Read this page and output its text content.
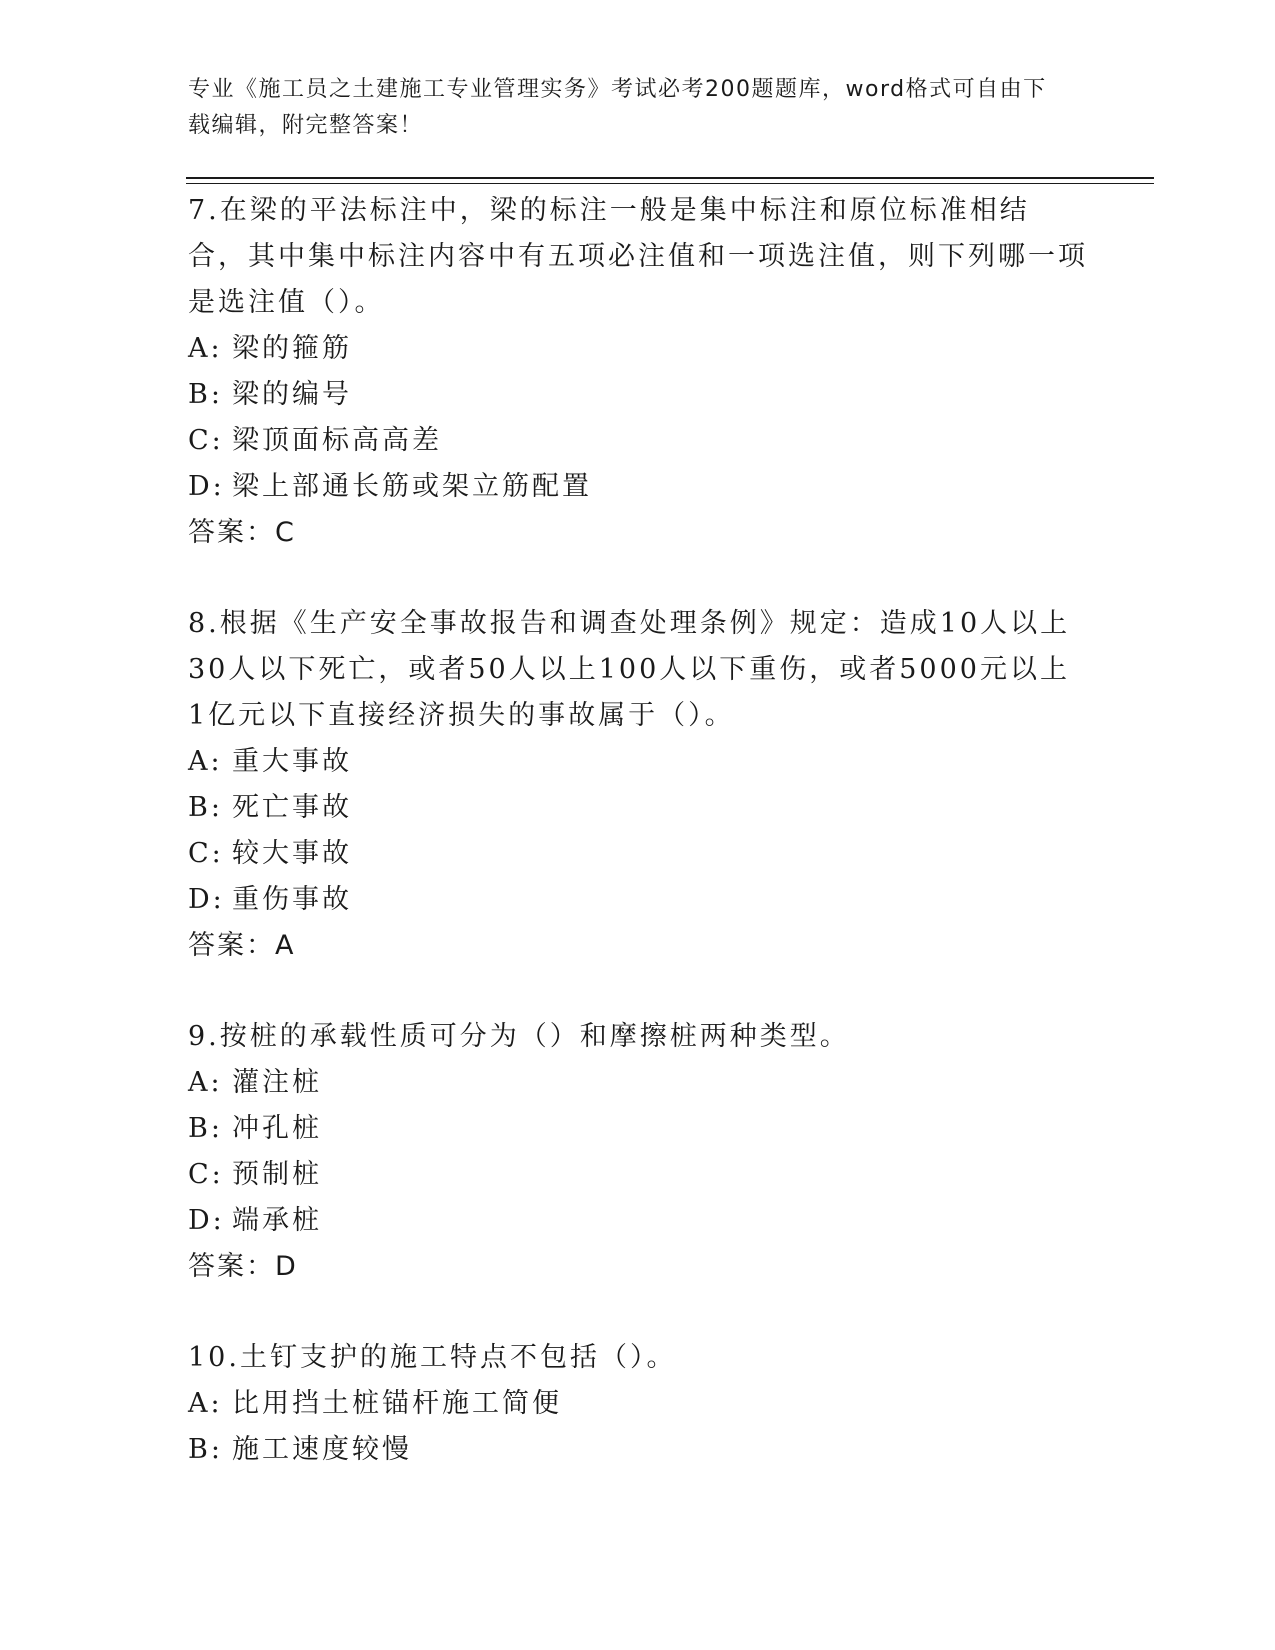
专业《施工员之土建施工专业管理实务》考试必考200题题库，word格式可自由下载编辑，附完整答案！
7.在梁的平法标注中，梁的标注一般是集中标注和原位标准相结合，其中集中标注内容中有五项必注值和一项选注值，则下列哪一项是选注值（）。
A: 梁的箍筋
B: 梁的编号
C: 梁顶面标高高差
D: 梁上部通长筋或架立筋配置
答案：C
8.根据《生产安全事故报告和调查处理条例》规定：造成10人以上30人以下死亡，或者50人以上100人以下重伤，或者5000元以上1亿元以下直接经济损失的事故属于（）。
A: 重大事故
B: 死亡事故
C: 较大事故
D: 重伤事故
答案：A
9.按桩的承载性质可分为（）和摩擦桩两种类型。
A: 灌注桩
B: 冲孔桩
C: 预制桩
D: 端承桩
答案：D
10.土钉支护的施工特点不包括（）。
A: 比用挡土桩锚杆施工简便
B: 施工速度较慢
